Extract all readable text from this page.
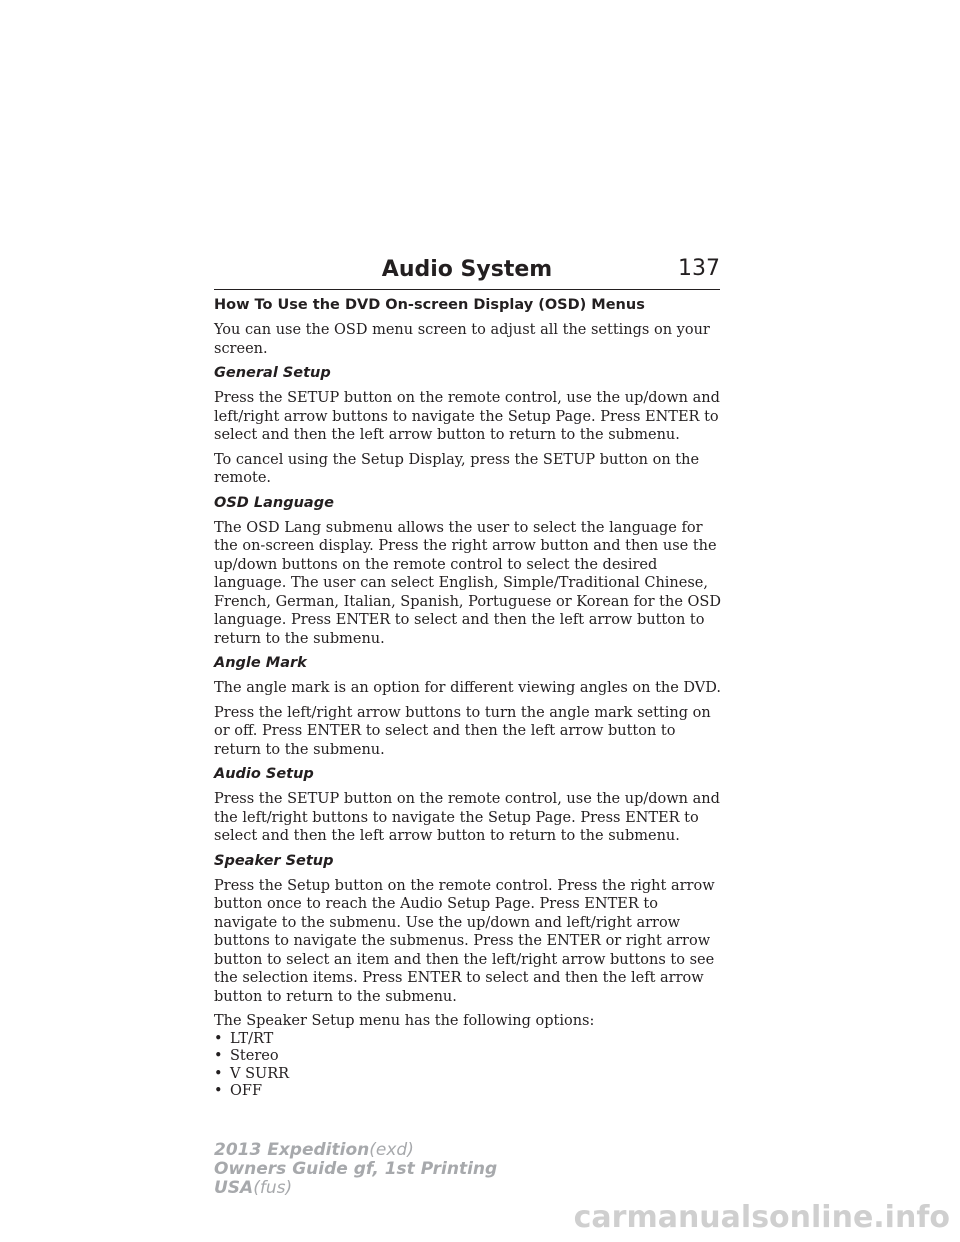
Audio System	137
How To Use the DVD On-screen Display (OSD) Menus

You can use the OSD menu screen to adjust all the settings on your screen.

General Setup

Press the SETUP button on the remote control, use the up/down and left/right arrow buttons to navigate the Setup Page. Press ENTER to select and then the left arrow button to return to the submenu.

To cancel using the Setup Display, press the SETUP button on the remote.

OSD Language

The OSD Lang submenu allows the user to select the language for the on-screen display. Press the right arrow button and then use the up/down buttons on the remote control to select the desired language. The user can select English, Simple/Traditional Chinese, French, German, Italian, Spanish, Portuguese or Korean for the OSD language. Press ENTER to select and then the left arrow button to return to the submenu.

Angle Mark

The angle mark is an option for different viewing angles on the DVD.

Press the left/right arrow buttons to turn the angle mark setting on or off. Press ENTER to select and then the left arrow button to return to the submenu.

Audio Setup

Press the SETUP button on the remote control, use the up/down and the left/right buttons to navigate the Setup Page. Press ENTER to select and then the left arrow button to return to the submenu.

Speaker Setup

Press the Setup button on the remote control. Press the right arrow button once to reach the Audio Setup Page. Press ENTER to navigate to the submenu. Use the up/down and left/right arrow buttons to navigate the submenus. Press the ENTER or right arrow button to select an item and then the left/right arrow buttons to see the selection items. Press ENTER to select and then the left arrow button to return to the submenu.

The Speaker Setup menu has the following options:

• LT/RT
• Stereo
• V SURR
• OFF
2013 Expedition(exd)
Owners Guide gf, 1st Printing
USA(fus)
carmanualsonline.info
